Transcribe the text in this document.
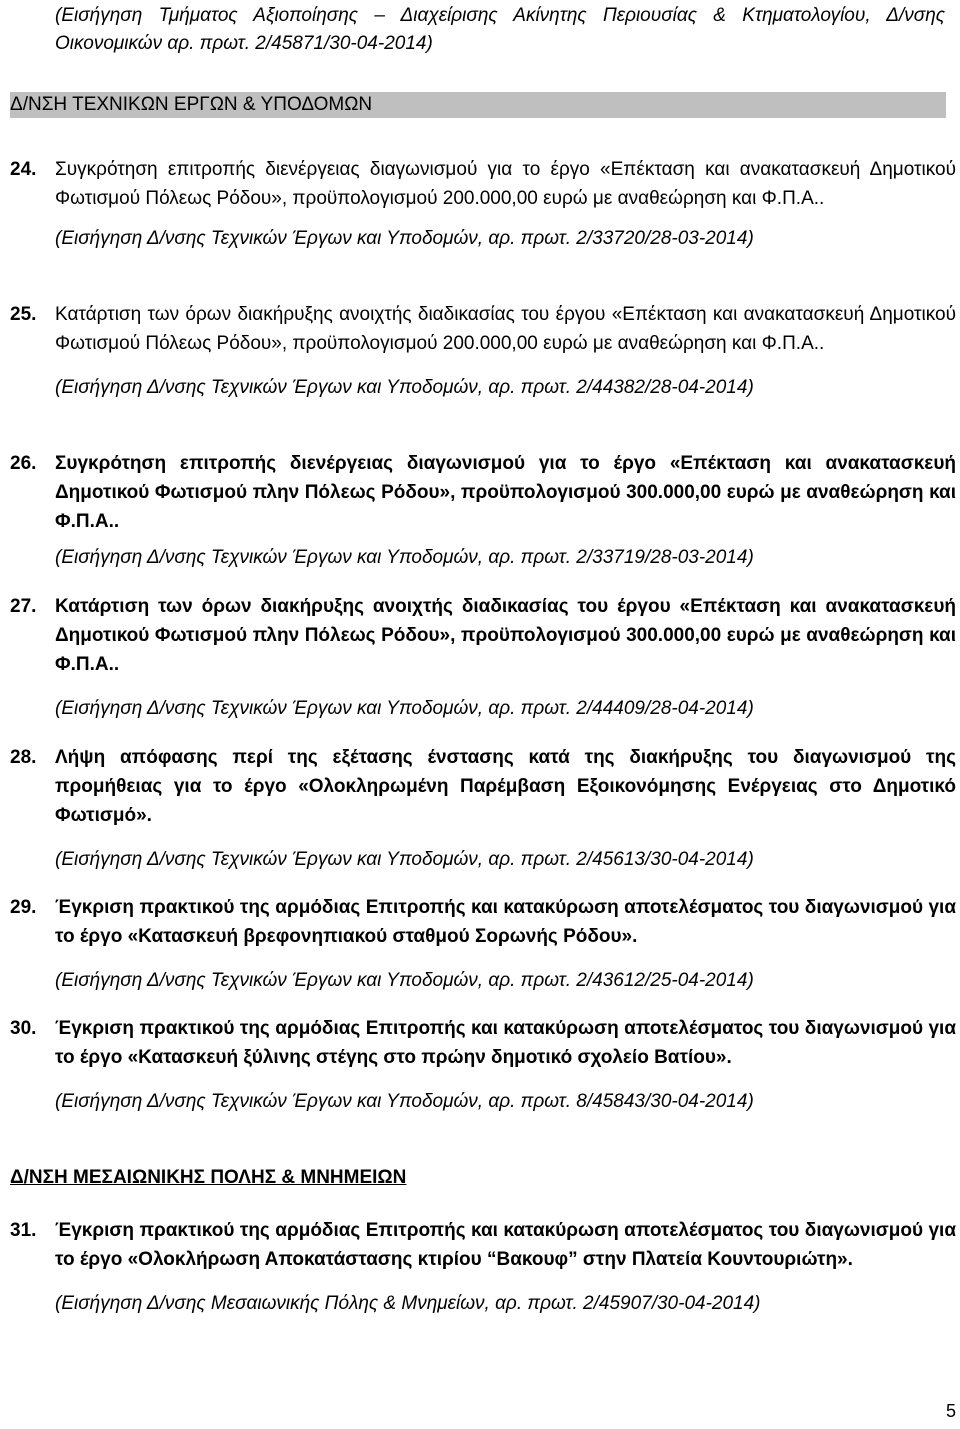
(Εισήγηση Τμήματος Αξιοποίησης – Διαχείρισης Ακίνητης Περιουσίας & Κτηματολογίου, Δ/νσης Οικονομικών αρ. πρωτ. 2/45871/30-04-2014)
Δ/ΝΣΗ ΤΕΧΝΙΚΩΝ ΕΡΓΩΝ & ΥΠΟΔΟΜΩΝ
24. Συγκρότηση επιτροπής διενέργειας διαγωνισμού για το έργο «Επέκταση και ανακατασκευή Δημοτικού Φωτισμού Πόλεως Ρόδου», προϋπολογισμού 200.000,00 ευρώ με αναθεώρηση και Φ.Π.Α..
(Εισήγηση Δ/νσης Τεχνικών Έργων και Υποδομών, αρ. πρωτ. 2/33720/28-03-2014)
25. Κατάρτιση των όρων διακήρυξης ανοιχτής διαδικασίας του έργου «Επέκταση και ανακατασκευή Δημοτικού Φωτισμού Πόλεως Ρόδου», προϋπολογισμού 200.000,00 ευρώ με αναθεώρηση και Φ.Π.Α..
(Εισήγηση Δ/νσης Τεχνικών Έργων και Υποδομών, αρ. πρωτ. 2/44382/28-04-2014)
26. Συγκρότηση επιτροπής διενέργειας διαγωνισμού για το έργο «Επέκταση και ανακατασκευή Δημοτικού Φωτισμού πλην Πόλεως Ρόδου», προϋπολογισμού 300.000,00 ευρώ με αναθεώρηση και Φ.Π.Α..
(Εισήγηση Δ/νσης Τεχνικών Έργων και Υποδομών, αρ. πρωτ. 2/33719/28-03-2014)
27. Κατάρτιση των όρων διακήρυξης ανοιχτής διαδικασίας του έργου «Επέκταση και ανακατασκευή Δημοτικού Φωτισμού πλην Πόλεως Ρόδου», προϋπολογισμού 300.000,00 ευρώ με αναθεώρηση και Φ.Π.Α..
(Εισήγηση Δ/νσης Τεχνικών Έργων και Υποδομών, αρ. πρωτ. 2/44409/28-04-2014)
28. Λήψη απόφασης περί της εξέτασης ένστασης κατά της διακήρυξης του διαγωνισμού της προμήθειας για το έργο «Ολοκληρωμένη Παρέμβαση Εξοικονόμησης Ενέργειας στο Δημοτικό Φωτισμό».
(Εισήγηση Δ/νσης Τεχνικών Έργων και Υποδομών, αρ. πρωτ. 2/45613/30-04-2014)
29. Έγκριση πρακτικού της αρμόδιας Επιτροπής και κατακύρωση αποτελέσματος του διαγωνισμού για το έργο «Κατασκευή βρεφονηπιακού σταθμού Σορωνής Ρόδου».
(Εισήγηση Δ/νσης Τεχνικών Έργων και Υποδομών, αρ. πρωτ. 2/43612/25-04-2014)
30. Έγκριση πρακτικού της αρμόδιας Επιτροπής και κατακύρωση αποτελέσματος του διαγωνισμού για το έργο «Κατασκευή ξύλινης στέγης στο πρώην δημοτικό σχολείο Βατίου».
(Εισήγηση Δ/νσης Τεχνικών Έργων και Υποδομών, αρ. πρωτ. 8/45843/30-04-2014)
Δ/ΝΣΗ ΜΕΣΑΙΩΝΙΚΗΣ ΠΟΛΗΣ & ΜΝΗΜΕΙΩΝ
31. Έγκριση πρακτικού της αρμόδιας Επιτροπής και κατακύρωση αποτελέσματος του διαγωνισμού για το έργο «Ολοκλήρωση Αποκατάστασης κτιρίου “Βακουφ” στην Πλατεία Κουντουριώτη».
(Εισήγηση Δ/νσης Μεσαιωνικής Πόλης & Μνημείων, αρ. πρωτ. 2/45907/30-04-2014)
5
